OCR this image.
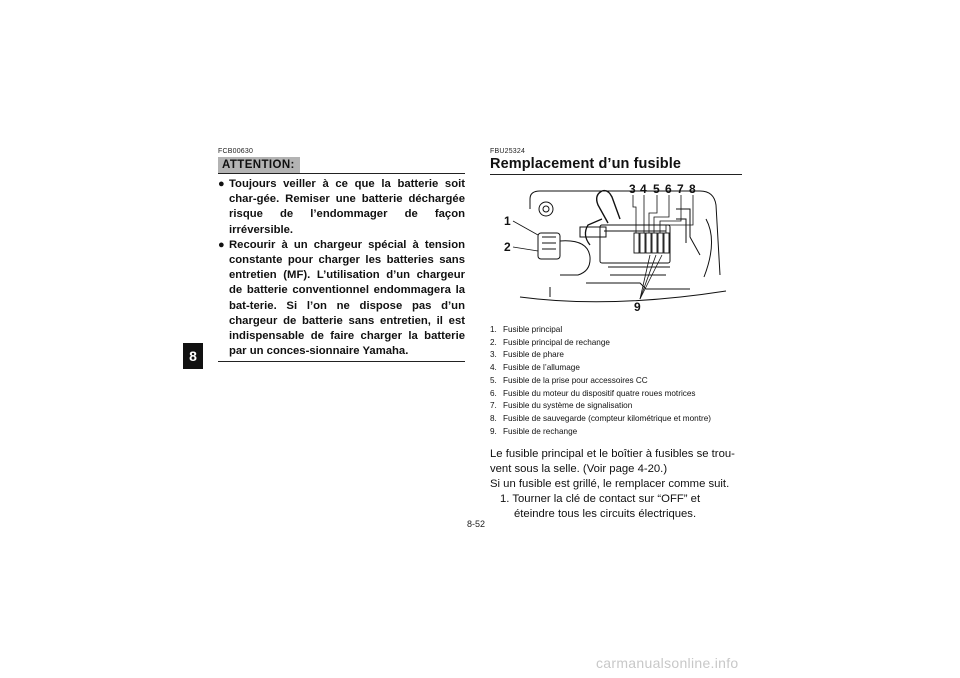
8
FCB00630
ATTENTION:
● Toujours veiller à ce que la batterie soit char-gée. Remiser une batterie déchargée risque de l’endommager de façon irréversible.
● Recourir à un chargeur spécial à tension constante pour charger les batteries sans entretien (MF). L’utilisation d’un chargeur de batterie conventionnel endommagera la bat-terie. Si l’on ne dispose pas d’un chargeur de batterie sans entretien, il est indispensable de faire charger la batterie par un conces-sionnaire Yamaha.
FBU25324
Remplacement d’un fusible
1
2
3 4 5 6 7 8
9
1. Fusible principal
2. Fusible principal de rechange
3. Fusible de phare
4. Fusible de l’allumage
5. Fusible de la prise pour accessoires CC
6. Fusible du moteur du dispositif quatre roues motrices
7. Fusible du système de signalisation
8. Fusible de sauvegarde (compteur kilométrique et montre)
9. Fusible de rechange

Le fusible principal et le boîtier à fusibles se trou-vent sous la selle. (Voir page 4-20.)

Si un fusible est grillé, le remplacer comme suit.

1. Tourner la clé de contact sur “OFF” et éteindre tous les circuits électriques.

8-52
carmanualsonline.info
